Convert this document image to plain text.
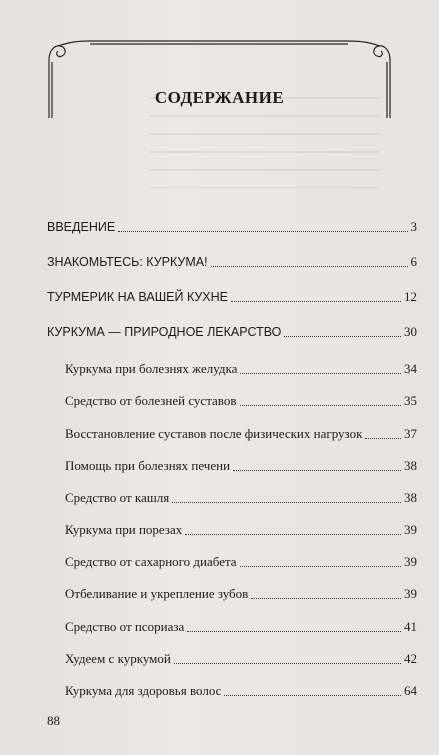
СОДЕРЖАНИЕ
ВВЕДЕНИЕ	3
ЗНАКОМЬТЕСЬ: КУРКУМА!	6
ТУРМЕРИК НА ВАШЕЙ КУХНЕ	12
КУРКУМА — ПРИРОДНОЕ ЛЕКАРСТВО	30
Куркума при болезнях желудка	34
Средство от болезней суставов	35
Восстановление суставов после физических нагрузок	37
Помощь при болезнях печени	38
Средство от кашля	38
Куркума при порезах	39
Средство от сахарного диабета	39
Отбеливание и укрепление зубов	39
Средство от псориаза	41
Худеем с куркумой	42
Куркума для здоровья волос	64
88
